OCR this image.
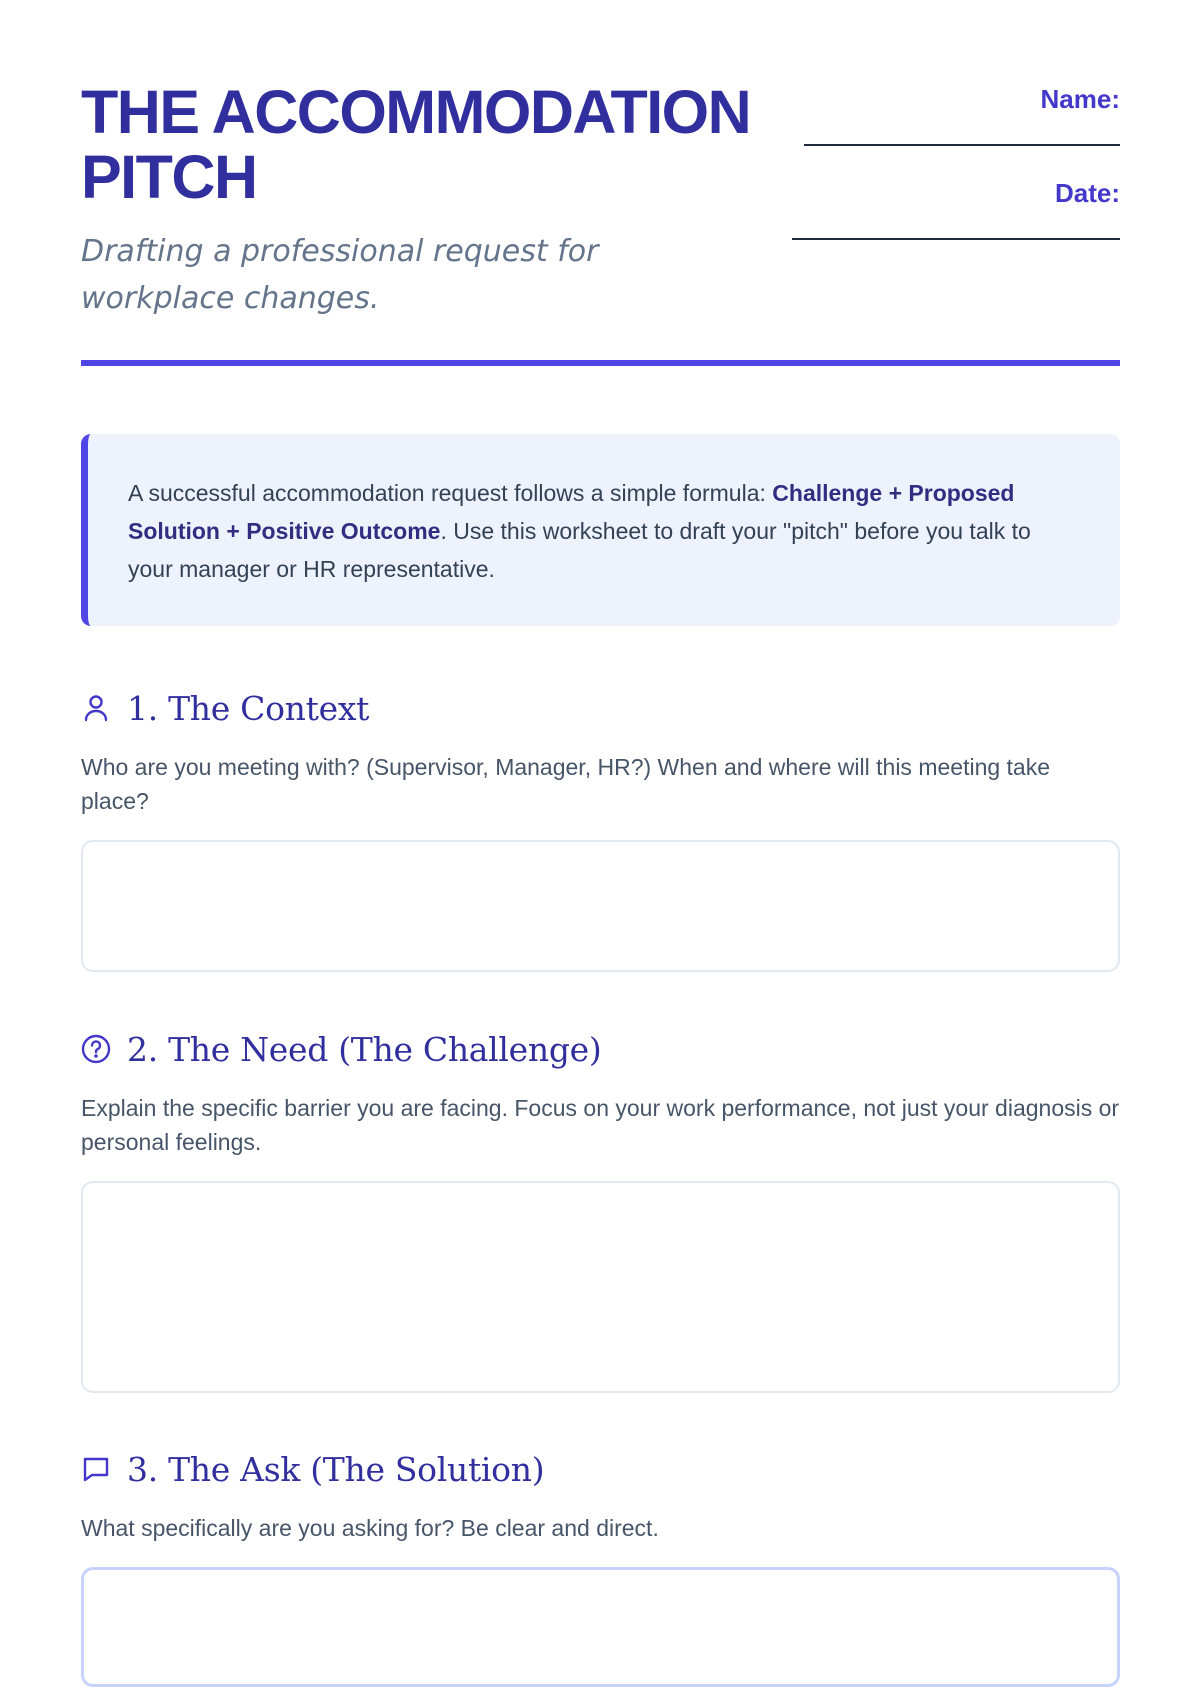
THE ACCOMMODATION PITCH

Drafting a professional request for workplace changes.

Name:
Date:
A successful accommodation request follows a simple formula: Challenge + Proposed Solution + Positive Outcome. Use this worksheet to draft your "pitch" before you talk to your manager or HR representative.
1. The Context
Who are you meeting with? (Supervisor, Manager, HR?) When and where will this meeting take place?
2. The Need (The Challenge)
Explain the specific barrier you are facing. Focus on your work performance, not just your diagnosis or personal feelings.
3. The Ask (The Solution)
What specifically are you asking for? Be clear and direct.
